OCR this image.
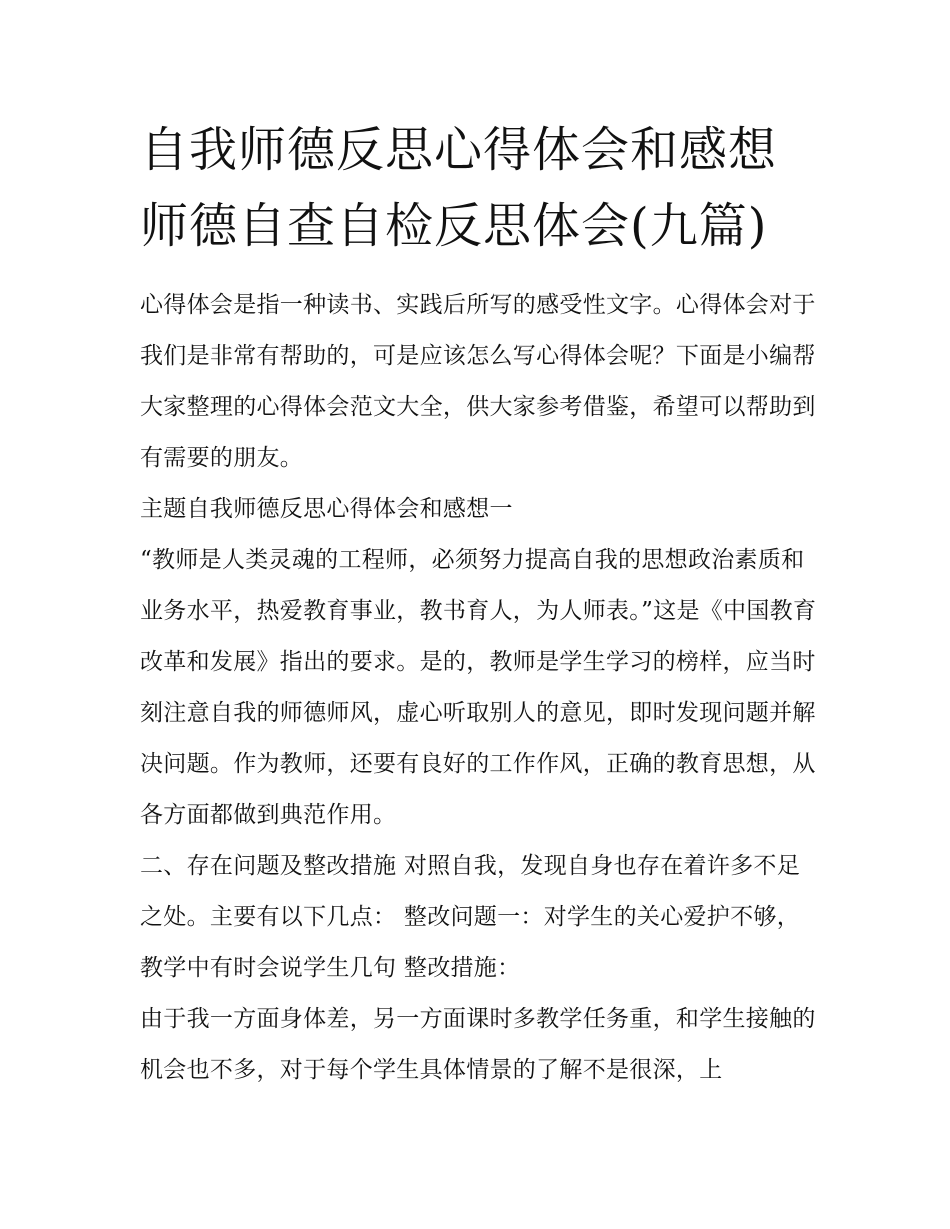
自我师德反思心得体会和感想
师德自查自检反思体会(九篇)

心得体会是指一种读书、实践后所写的感受性文字。心得体会对于我们是非常有帮助的，可是应该怎么写心得体会呢？下面是小编帮大家整理的心得体会范文大全，供大家参考借鉴，希望可以帮助到有需要的朋友。

主题自我师德反思心得体会和感想一

“教师是人类灵魂的工程师，必须努力提高自我的思想政治素质和业务水平，热爱教育事业，教书育人，为人师表。”这是《中国教育改革和发展》指出的要求。是的，教师是学生学习的榜样，应当时刻注意自我的师德师风，虚心听取别人的意见，即时发现问题并解决问题。作为教师，还要有良好的工作作风，正确的教育思想，从各方面都做到典范作用。

二、存在问题及整改措施 对照自我，发现自身也存在着许多不足之处。主要有以下几点： 整改问题一：对学生的关心爱护不够，教学中有时会说学生几句 整改措施：

由于我一方面身体差，另一方面课时多教学任务重，和学生接触的机会也不多，对于每个学生具体情景的了解不是很深，上
